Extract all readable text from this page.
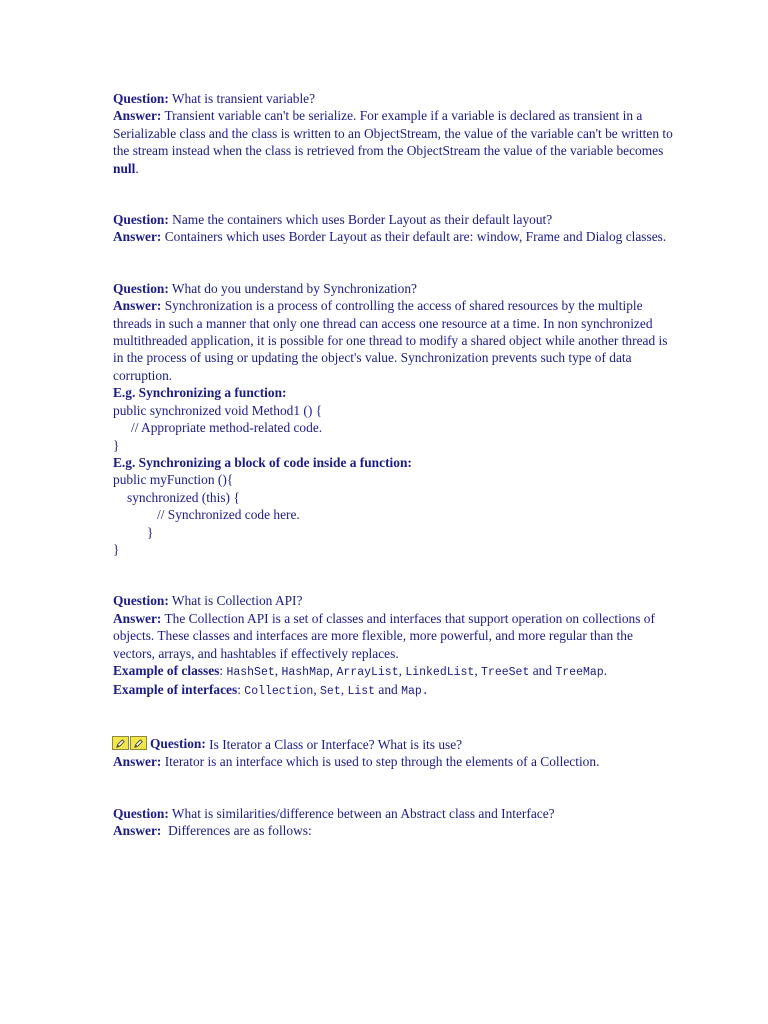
Question: What is transient variable?

Answer: Transient variable can't be serialize. For example if a variable is declared as transient in a Serializable class and the class is written to an ObjectStream, the value of the variable can't be written to the stream instead when the class is retrieved from the ObjectStream the value of the variable becomes null.

Question: Name the containers which uses Border Layout as their default layout?

Answer: Containers which uses Border Layout as their default are: window, Frame and Dialog classes.

Question: What do you understand by Synchronization?

Answer: Synchronization is a process of controlling the access of shared resources by the multiple threads in such a manner that only one thread can access one resource at a time. In non synchronized multithreaded application, it is possible for one thread to modify a shared object while another thread is in the process of using or updating the object's value. Synchronization prevents such type of data corruption.

E.g. Synchronizing a function:

public synchronized void Method1 () {

// Appropriate method-related code.

}

E.g. Synchronizing a block of code inside a function:

public myFunction (){

synchronized (this) {

// Synchronized code here.

}

}

Question: What is Collection API?

Answer: The Collection API is a set of classes and interfaces that support operation on collections of objects. These classes and interfaces are more flexible, more powerful, and more regular than the vectors, arrays, and hashtables if effectively replaces.

Example of classes: HashSet, HashMap, ArrayList, LinkedList, TreeSet and TreeMap.

Example of interfaces: Collection, Set, List and Map.

Question: Is Iterator a Class or Interface? What is its use?

Answer: Iterator is an interface which is used to step through the elements of a Collection.

Question: What is similarities/difference between an Abstract class and Interface?

Answer: Differences are as follows:
